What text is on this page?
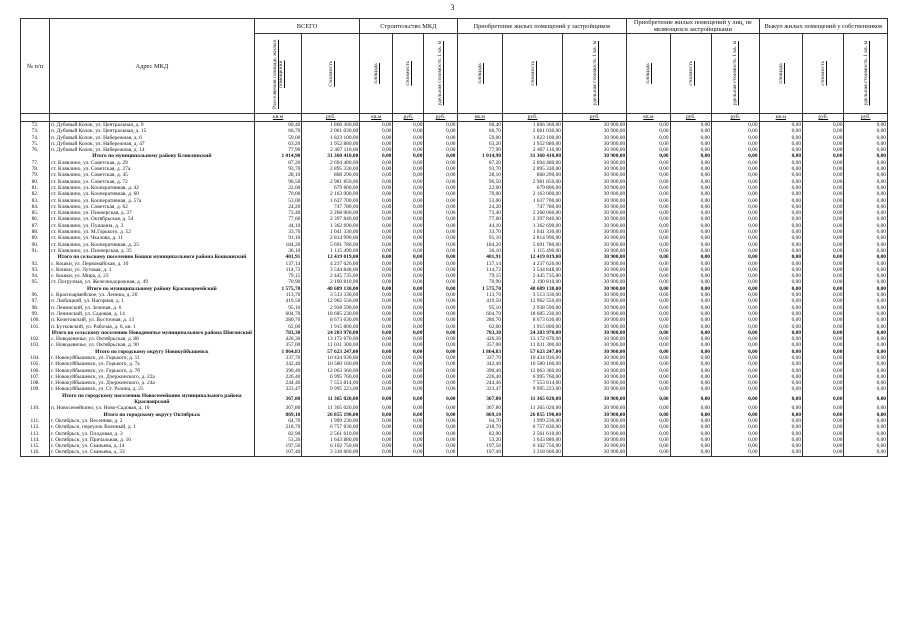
3
№ п/п	Адрес МКД	ВСЕГО		Строительство МКД			Приобретение жилых помещений у застройщиков			Приобретение жилых помещений у лиц, не являющихся застройщиками			Выкуп жилых помещений у собственников		

		Расселяемая площадь жилых помещений	Стоимость	площадь	стоимость	удельная стоимость 1 кв. м	площадь	стоимость	удельная стоимость 1 кв. м	площадь	стоимость	удельная стоимость 1 кв. м	площадь	стоимость	удельная стоимость 1 кв. м

		кв.м	руб.	кв.м	руб.	руб.	кв.м	руб.	руб.	кв.м	руб.	руб.	кв.м	руб.	руб.
72.	п. Дубовый Колок, ул. Центральная, д. 9	60,40	1 866 360,00	0,00	0,00	0,00	60,40	1 866 360,00	30 900,00	0,00	0,00	0,00	0,00	0,00	0,00
73.	п. Дубовый Колок, ул. Центральная, д. 15	66,70	2 061 030,00	0,00	0,00	0,00	66,70	2 061 030,00	30 900,00	0,00	0,00	0,00	0,00	0,00	0,00
74.	п. Дубовый Колок, ул. Набережная, д. 6	59,00	1 823 100,00	0,00	0,00	0,00	59,00	1 823 100,00	30 900,00	0,00	0,00	0,00	0,00	0,00	0,00
75.	п. Дубовый Колок, ул. Набережная, д. 47	63,20	1 952 880,00	0,00	0,00	0,00	63,20	1 952 880,00	30 900,00	0,00	0,00	0,00	0,00	0,00	0,00
76.	п. Дубовый Колок, ул. Набережная, д. 14	77,90	2 407 110,00	0,00	0,00	0,00	77,90	2 407 110,00	30 900,00	0,00	0,00	0,00	0,00	0,00	0,00
	Итого по муниципальному району Клявлинский	1 014,90	31 360 410,00	0,00	0,00	0,00	1 014,90	31 360 410,00	30 900,00	0,00	0,00	0,00	0,00	0,00	0,00
77.	ст. Клявлино, ул. Советская, д. 29	87,20	2 694 480,00	0,00	0,00	0,00	87,20	2 694 480,00	30 900,00	0,00	0,00	0,00	0,00	0,00	0,00
78.	ст. Клявлино, ул. Советская, д. 27а	93,70	2 895 330,00	0,00	0,00	0,00	93,70	2 895 330,00	30 900,00	0,00	0,00	0,00	0,00	0,00	0,00
79.	ст. Клявлино, ул. Советская, д. 45	28,10	868 290,00	0,00	0,00	0,00	28,10	868 290,00	30 900,00	0,00	0,00	0,00	0,00	0,00	0,00
80.	ст. Клявлино, ул. Советская, д. 72	96,50	2 981 850,00	0,00	0,00	0,00	96,50	2 981 850,00	30 900,00	0,00	0,00	0,00	0,00	0,00	0,00
81.	ст. Клявлино, ул. Кооперативная, д. 42	22,00	679 800,00	0,00	0,00	0,00	22,00	679 800,00	30 900,00	0,00	0,00	0,00	0,00	0,00	0,00
82.	ст. Клявлино, ул. Кооперативная, д. 60	70,00	2 163 000,00	0,00	0,00	0,00	70,00	2 163 000,00	30 900,00	0,00	0,00	0,00	0,00	0,00	0,00
83.	ст. Клявлино, ул. Кооперативная, д. 57а	53,00	1 637 700,00	0,00	0,00	0,00	53,00	1 637 700,00	30 900,00	0,00	0,00	0,00	0,00	0,00	0,00
84.	ст. Клявлино, ул. Советская, д. 62	24,20	747 780,00	0,00	0,00	0,00	24,20	747 780,00	30 900,00	0,00	0,00	0,00	0,00	0,00	0,00
85.	ст. Клявлино, ул. Пионерская, д. 37	73,40	2 268 060,00	0,00	0,00	0,00	73,40	2 268 060,00	30 900,00	0,00	0,00	0,00	0,00	0,00	0,00
86.	ст. Клявлино, ул. Октябрьская, д. 54	77,60	2 397 840,00	0,00	0,00	0,00	77,60	2 397 840,00	30 900,00	0,00	0,00	0,00	0,00	0,00	0,00
87.	ст. Клявлино, ул. Пушкина, д. 3	44,10	1 362 690,00	0,00	0,00	0,00	44,10	1 362 690,00	30 900,00	0,00	0,00	0,00	0,00	0,00	0,00
88.	ст. Клявлино, ул. М.Горького, д. 52	33,70	1 041 330,00	0,00	0,00	0,00	33,70	1 041 330,00	30 900,00	0,00	0,00	0,00	0,00	0,00	0,00
89.	ст. Клявлино, ул. Чкалова, д. 11	91,10	2 814 990,00	0,00	0,00	0,00	91,10	2 814 990,00	30 900,00	0,00	0,00	0,00	0,00	0,00	0,00
90.	ст. Клявлино, ул. Кооперативная, д. 25	184,20	5 691 780,00	0,00	0,00	0,00	184,20	5 691 780,00	30 900,00	0,00	0,00	0,00	0,00	0,00	0,00
91.	ст. Клявлино, ул. Пионерская, д. 35	36,10	1 115 490,00	0,00	0,00	0,00	36,10	1 115 490,00	30 900,00	0,00	0,00	0,00	0,00	0,00	0,00
	Итого по сельскому поселению Кошки муниципального района Кошкинский	401,91	12 419 019,00	0,00	0,00	0,00	401,91	12 419 019,00	30 900,00	0,00	0,00	0,00	0,00	0,00	0,00
92.	с. Кошки, ул. Первомайская, д. 10	137,14	4 237 626,00	0,00	0,00	0,00	137,14	4 237 626,00	30 900,00	0,00	0,00	0,00	0,00	0,00	0,00
93.	с. Кошки, ул. Луговая, д. 1	114,72	3 544 848,00	0,00	0,00	0,00	114,72	3 544 848,00	30 900,00	0,00	0,00	0,00	0,00	0,00	0,00
94.	с. Кошки, ул. Мира, д. 23	79,15	2 445 735,00	0,00	0,00	0,00	79,15	2 445 735,00	30 900,00	0,00	0,00	0,00	0,00	0,00	0,00
95.	ст. Погрузная, ул. Железнодорожная, д. 49	70,90	2 190 810,00	0,00	0,00	0,00	70,90	2 190 810,00	30 900,00	0,00	0,00	0,00	0,00	0,00	0,00
	Итого по муниципальному району Красноармейский	1 575,70	48 689 130,00	0,00	0,00	0,00	1 575,70	48 689 130,00	30 900,00	0,00	0,00	0,00	0,00	0,00	0,00
96.	с. Красноармейское, ул. Ленина, д. 26	113,70	3 513 330,00	0,00	0,00	0,00	113,70	3 513 330,00	30 900,00	0,00	0,00	0,00	0,00	0,00	0,00
97.	п. Любицкий, ул. Нагорная, д. 1	419,50	12 962 550,00	0,00	0,00	0,00	419,50	12 962 550,00	30 900,00	0,00	0,00	0,00	0,00	0,00	0,00
98.	п. Ленинский, ул. Зеленая, д. 6	95,10	2 938 590,00	0,00	0,00	0,00	95,10	2 938 590,00	30 900,00	0,00	0,00	0,00	0,00	0,00	0,00
99.	п. Ленинский, ул. Садовая, д. 14	604,70	18 685 230,00	0,00	0,00	0,00	604,70	18 685 230,00	30 900,00	0,00	0,00	0,00	0,00	0,00	0,00
100.	п. Кочетовский, ул. Восточная, д. 13	280,70	8 673 630,00	0,00	0,00	0,00	280,70	8 673 630,00	30 900,00	0,00	0,00	0,00	0,00	0,00	0,00
101.	п. Бутковский, ул. Рабочая, д. 6, кв. 1	62,00	1 915 800,00	0,00	0,00	0,00	62,00	1 915 800,00	30 900,00	0,00	0,00	0,00	0,00	0,00	0,00
	Итого по сельскому поселению Новодевичье муниципального района Шигонский	783,30	24 203 970,00	0,00	0,00	0,00	783,30	24 203 970,00	30 900,00	0,00	0,00	0,00	0,00	0,00	0,00
102.	с. Новодевичье, ул. Октябрьская, д. 88	426,30	13 172 670,00	0,00	0,00	0,00	426,30	13 172 670,00	30 900,00	0,00	0,00	0,00	0,00	0,00	0,00
103.	с. Новодевичье, ул. Октябрьская, д. 90	357,00	11 031 300,00	0,00	0,00	0,00	357,00	11 031 300,00	30 900,00	0,00	0,00	0,00	0,00	0,00	0,00
	Итого по городскому округу Новокуйбышевск	1 864,83	57 623 247,00	0,00	0,00	0,00	1 864,83	57 623 247,00	30 900,00	0,00	0,00	0,00	0,00	0,00	0,00
104.	г. Новокуйбышевск, ул. Горького, д. 11	337,70	10 434 930,00	0,00	0,00	0,00	337,70	10 434 930,00	30 900,00	0,00	0,00	0,00	0,00	0,00	0,00
105.	г. Новокуйбышевск, ул. Горького, д. 7а	342,40	10 580 160,00	0,00	0,00	0,00	342,40	10 580 160,00	30 900,00	0,00	0,00	0,00	0,00	0,00	0,00
106.	г. Новокуйбышевск, ул. Горького, д. 7б	390,40	12 063 360,00	0,00	0,00	0,00	390,40	12 063 360,00	30 900,00	0,00	0,00	0,00	0,00	0,00	0,00
107.	г. Новокуйбышевск, ул. Дзержинского, д. 22а	226,40	6 995 760,00	0,00	0,00	0,00	226,40	6 995 760,00	30 900,00	0,00	0,00	0,00	0,00	0,00	0,00
108.	г. Новокуйбышевск, ул. Дзержинского, д. 24а	244,46	7 553 814,00	0,00	0,00	0,00	244,46	7 553 814,00	30 900,00	0,00	0,00	0,00	0,00	0,00	0,00
109.	г. Новокуйбышевск, ул. Ст. Разина, д. 25	323,47	9 995 223,00	0,00	0,00	0,00	323,47	9 995 223,00	30 900,00	0,00	0,00	0,00	0,00	0,00	0,00
	Итого по городскому поселению Новосемейкино муниципального района Красноярский	367,80	11 365 020,00	0,00	0,00	0,00	367,80	11 365 020,00	30 900,00	0,00	0,00	0,00	0,00	0,00	0,00
110.	п. Новосемейкино, ул. Ново-Садовая, д. 10	367,80	11 365 020,00	0,00	0,00	0,00	367,80	11 365 020,00	30 900,00	0,00	0,00	0,00	0,00	0,00	0,00
	Итого по городскому округу Октябрьск	869,10	26 855 190,00	0,00	0,00	0,00	869,10	26 855 190,00	30 900,00	0,00	0,00	0,00	0,00	0,00	0,00
111.	г. Октябрьск, ул. Весенняя, д. 2	64,70	1 999 230,00	0,00	0,00	0,00	64,70	1 999 230,00	30 900,00	0,00	0,00	0,00	0,00	0,00	0,00
112.	г. Октябрьск, переулок Военный, д. 1	218,70	6 757 830,00	0,00	0,00	0,00	218,70	6 757 830,00	30 900,00	0,00	0,00	0,00	0,00	0,00	0,00
113.	г. Октябрьск, ул. Плодовая, д. 3	82,90	2 561 610,00	0,00	0,00	0,00	82,90	2 561 610,00	30 900,00	0,00	0,00	0,00	0,00	0,00	0,00
114.	г. Октябрьск, ул. Причальная, д. 16	53,20	1 643 880,00	0,00	0,00	0,00	53,20	1 643 880,00	30 900,00	0,00	0,00	0,00	0,00	0,00	0,00
115.	г. Октябрьск, ул. Сканьева, д. 14	197,50	6 102 750,00	0,00	0,00	0,00	197,50	6 102 750,00	30 900,00	0,00	0,00	0,00	0,00	0,00	0,00
116.	г. Октябрьск, ул. Сканьева, д. 33	107,40	3 318 660,00	0,00	0,00	0,00	107,40	3 318 660,00	30 900,00	0,00	0,00	0,00	0,00	0,00	0,00
